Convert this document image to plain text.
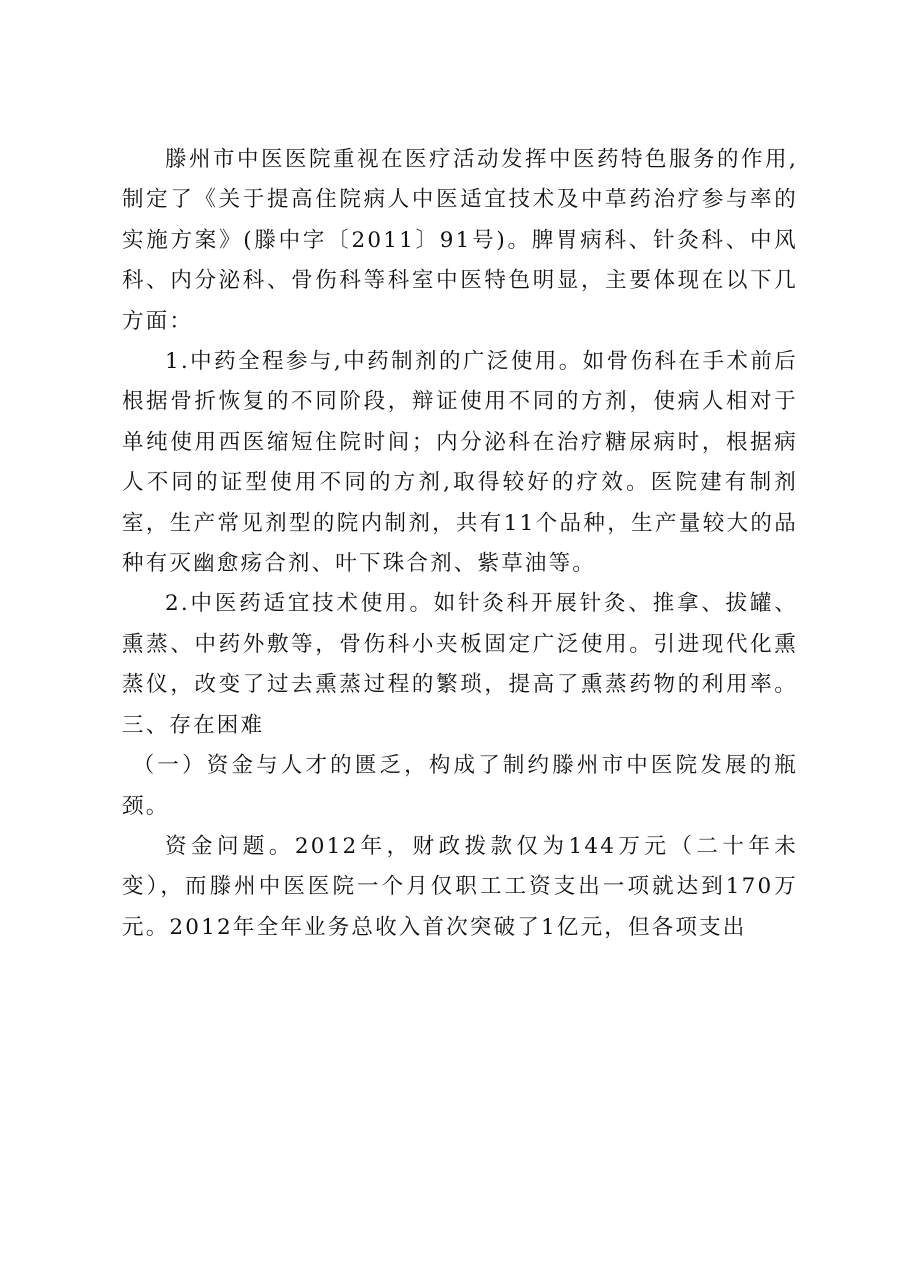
滕州市中医医院重视在医疗活动发挥中医药特色服务的作用,制定了《关于提高住院病人中医适宜技术及中草药治疗参与率的实施方案》(滕中字〔2011〕91号)。脾胃病科、针灸科、中风科、内分泌科、骨伤科等科室中医特色明显，主要体现在以下几方面：

1.中药全程参与,中药制剂的广泛使用。如骨伤科在手术前后根据骨折恢复的不同阶段，辩证使用不同的方剂，使病人相对于单纯使用西医缩短住院时间；内分泌科在治疗糖尿病时，根据病人不同的证型使用不同的方剂,取得较好的疗效。医院建有制剂室，生产常见剂型的院内制剂，共有11个品种，生产量较大的品种有灭幽愈疡合剂、叶下珠合剂、紫草油等。

2.中医药适宜技术使用。如针灸科开展针灸、推拿、拔罐、熏蒸、中药外敷等，骨伤科小夹板固定广泛使用。引进现代化熏蒸仪，改变了过去熏蒸过程的繁琐，提高了熏蒸药物的利用率。三、存在困难

（一）资金与人才的匮乏，构成了制约滕州市中医院发展的瓶颈。

资金问题。2012年，财政拨款仅为144万元（二十年未变），而滕州中医医院一个月仅职工工资支出一项就达到170万元。2012年全年业务总收入首次突破了1亿元，但各项支出
